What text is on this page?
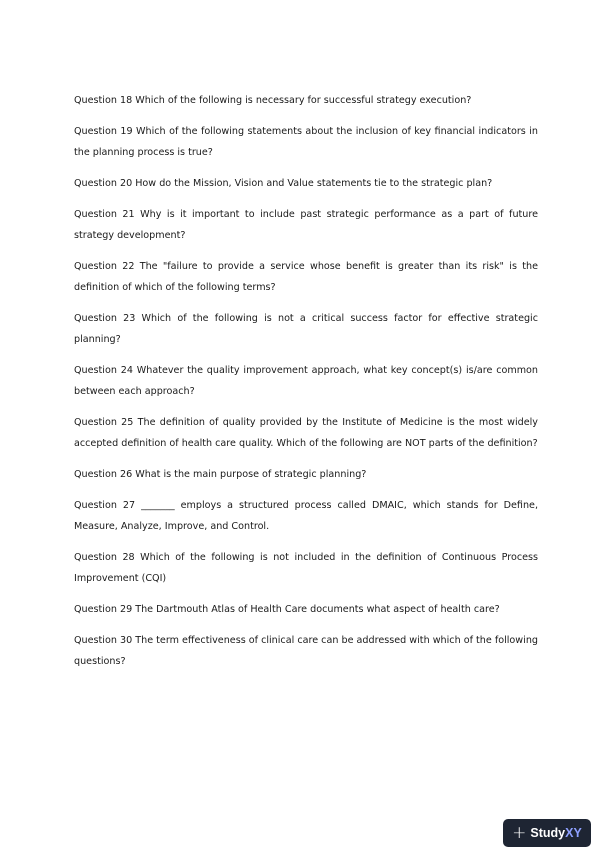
Question 18 Which of the following is necessary for successful strategy execution?

Question 19 Which of the following statements about the inclusion of key financial indicators in the planning process is true?

Question 20 How do the Mission, Vision and Value statements tie to the strategic plan?

Question 21 Why is it important to include past strategic performance as a part of future strategy development?

Question 22 The "failure to provide a service whose benefit is greater than its risk" is the definition of which of the following terms?

Question 23 Which of the following is not a critical success factor for effective strategic planning?

Question 24 Whatever the quality improvement approach, what key concept(s) is/are common between each approach?

Question 25 The definition of quality provided by the Institute of Medicine is the most widely accepted definition of health care quality. Which of the following are NOT parts of the definition?

Question 26 What is the main purpose of strategic planning?

Question 27 _______ employs a structured process called DMAIC, which stands for Define, Measure, Analyze, Improve, and Control.

Question 28 Which of the following is not included in the definition of Continuous Process Improvement (CQI)

Question 29 The Dartmouth Atlas of Health Care documents what aspect of health care?

Question 30 The term effectiveness of clinical care can be addressed with which of the following questions?

+ StudyXY
